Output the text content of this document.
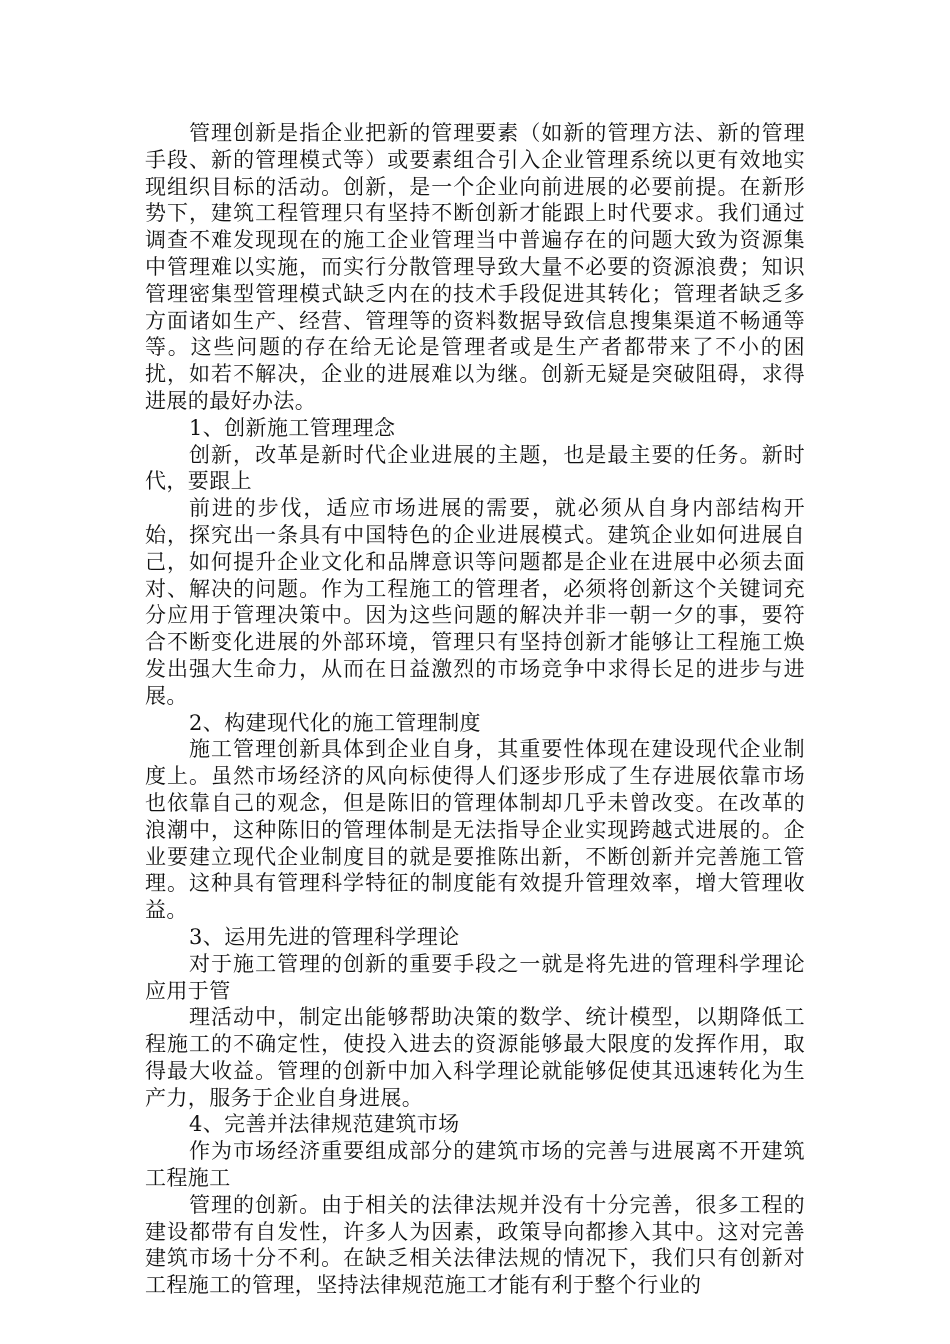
管理创新是指企业把新的管理要素（如新的管理方法、新的管理手段、新的管理模式等）或要素组合引入企业管理系统以更有效地实现组织目标的活动。创新，是一个企业向前进展的必要前提。在新形势下，建筑工程管理只有坚持不断创新才能跟上时代要求。我们通过调查不难发现现在的施工企业管理当中普遍存在的问题大致为资源集中管理难以实施，而实行分散管理导致大量不必要的资源浪费；知识管理密集型管理模式缺乏内在的技术手段促进其转化；管理者缺乏多方面诸如生产、经营、管理等的资料数据导致信息搜集渠道不畅通等等。这些问题的存在给无论是管理者或是生产者都带来了不小的困扰，如若不解决，企业的进展难以为继。创新无疑是突破阻碍，求得进展的最好办法。

1、创新施工管理理念

创新，改革是新时代企业进展的主题，也是最主要的任务。新时代，要跟上

前进的步伐，适应市场进展的需要，就必须从自身内部结构开始，探究出一条具有中国特色的企业进展模式。建筑企业如何进展自己，如何提升企业文化和品牌意识等问题都是企业在进展中必须去面对、解决的问题。作为工程施工的管理者，必须将创新这个关键词充分应用于管理决策中。因为这些问题的解决并非一朝一夕的事，要符合不断变化进展的外部环境，管理只有坚持创新才能够让工程施工焕发出强大生命力，从而在日益激烈的市场竞争中求得长足的进步与进展。

2、构建现代化的施工管理制度

施工管理创新具体到企业自身，其重要性体现在建设现代企业制度上。虽然市场经济的风向标使得人们逐步形成了生存进展依靠市场也依靠自己的观念，但是陈旧的管理体制却几乎未曾改变。在改革的浪潮中，这种陈旧的管理体制是无法指导企业实现跨越式进展的。企业要建立现代企业制度目的就是要推陈出新，不断创新并完善施工管理。这种具有管理科学特征的制度能有效提升管理效率，增大管理收益。

3、运用先进的管理科学理论

对于施工管理的创新的重要手段之一就是将先进的管理科学理论应用于管

理活动中，制定出能够帮助决策的数学、统计模型，以期降低工程施工的不确定性，使投入进去的资源能够最大限度的发挥作用，取得最大收益。管理的创新中加入科学理论就能够促使其迅速转化为生产力，服务于企业自身进展。

4、完善并法律规范建筑市场

作为市场经济重要组成部分的建筑市场的完善与进展离不开建筑工程施工

管理的创新。由于相关的法律法规并没有十分完善，很多工程的建设都带有自发性，许多人为因素，政策导向都掺入其中。这对完善建筑市场十分不利。在缺乏相关法律法规的情况下，我们只有创新对工程施工的管理，坚持法律规范施工才能有利于整个行业的
